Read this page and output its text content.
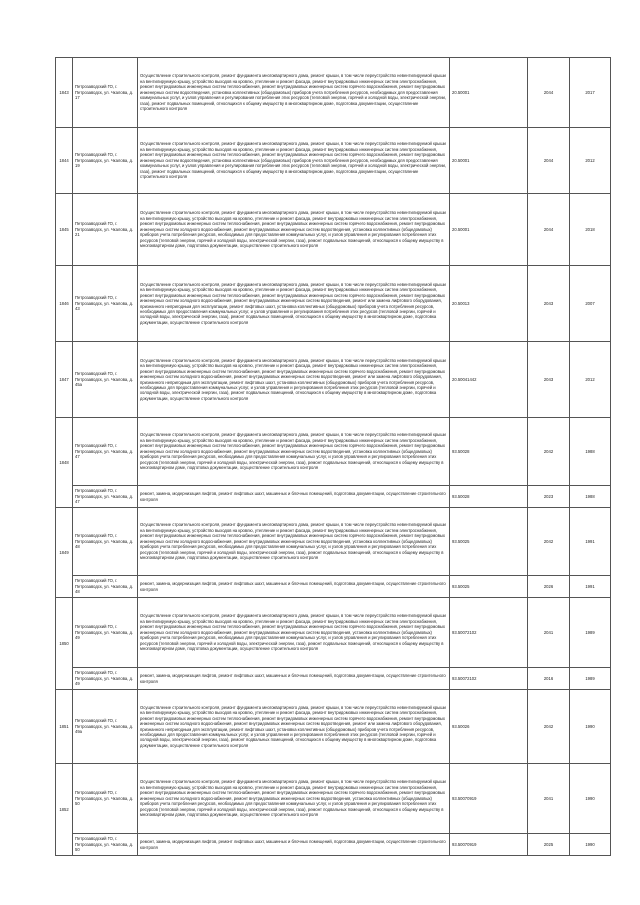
1843	Петрозаводский ГО, г. Петрозаводск, ул. Чкалова, д. 17	Осуществление строительного контроля, ремонт фундамента многоквартирного дома, ремонт крыши, в том числе переустройство невентилируемой крыши на вентилируемую крышу, устройство выходов на кровлю, утепление и ремонт фасада, ремонт внутридомовых инженерных систем электроснабжения, ремонт внутридомовых инженерных систем теплоснабжения, ремонт внутридомовых инженерных систем горячего водоснабжения, ремонт внутридомовых инженерных систем водоотведения, установка коллективных (общедомовых) приборов учета потребления ресурсов, необходимых для предоставления коммунальных услуг, и узлов управления и регулирования потребления этих ресурсов (тепловой энергии, горячей и холодной воды, электрической энергии, газа), ремонт подвальных помещений, относящихся к общему имуществу в многоквартирном доме, подготовка документации, осуществление строительного контроля	20.50001	2044	2017
1844	Петрозаводский ГО, г. Петрозаводск, ул. Чкалова, д. 19	Осуществление строительного контроля, ремонт фундамента многоквартирного дома, ремонт крыши, в том числе переустройство невентилируемой крыши на вентилируемую крышу, устройство выходов на кровлю, утепление и ремонт фасада, ремонт внутридомовых инженерных систем электроснабжения, ремонт внутридомовых инженерных систем теплоснабжения, ремонт внутридомовых инженерных систем горячего водоснабжения, ремонт внутридомовых инженерных систем водоотведения, установка коллективных (общедомовых) приборов учета потребления ресурсов, необходимых для предоставления коммунальных услуг, и узлов управления и регулирования потребления этих ресурсов (тепловой энергии, горячей и холодной воды, электрической энергии, газа), ремонт подвальных помещений, относящихся к общему имуществу в многоквартирном доме, подготовка документации, осуществление строительного контроля	20.50001	2044	2012
1845	Петрозаводский ГО, г. Петрозаводск, ул. Чкалова, д. 21	Осуществление строительного контроля, ремонт фундамента многоквартирного дома, ремонт крыши, в том числе переустройство невентилируемой крыши на вентилируемую крышу, устройство выходов на кровлю, утепление и ремонт фасада, ремонт внутридомовых инженерных систем электроснабжения, ремонт внутридомовых инженерных систем теплоснабжения, ремонт внутридомовых инженерных систем горячего водоснабжения, ремонт внутридомовых инженерных систем холодного водоснабжения, ремонт внутридомовых инженерных систем водоотведения, установка коллективных (общедомовых) приборов учета потребления ресурсов, необходимых для предоставления коммунальных услуг, и узлов управления и регулирования потребления этих ресурсов (тепловой энергии, горячей и холодной воды, электрической энергии, газа), ремонт подвальных помещений, относящихся к общему имуществу в многоквартирном доме, подготовка документации, осуществление строительного контроля	20.50001	2044	2018
1846	Петрозаводский ГО, г. Петрозаводск, ул. Чкалова, д. 43	Осуществление строительного контроля, ремонт фундамента многоквартирного дома, ремонт крыши, в том числе переустройство невентилируемой крыши на вентилируемую крышу, устройство выходов на кровлю, утепление и ремонт фасада, ремонт внутридомовых инженерных систем электроснабжения, ремонт внутридомовых инженерных систем теплоснабжения, ремонт внутридомовых инженерных систем горячего водоснабжения, ремонт внутридомовых инженерных систем холодного водоснабжения, ремонт внутридомовых инженерных систем водоотведения, ремонт или замена лифтового оборудования, признанного непригодным для эксплуатации, ремонт лифтовых шахт, установка коллективных (общедомовых) приборов учета потребления ресурсов, необходимых для предоставления коммунальных услуг, и узлов управления и регулирования потребления этих ресурсов (тепловой энергии, горячей и холодной воды, электрической энергии, газа), ремонт подвальных помещений, относящихся к общему имуществу в многоквартирном доме, подготовка документации, осуществление строительного контроля	20.50013	2043	2007
1847	Петрозаводский ГО, г. Петрозаводск, ул. Чкалова, д. 45а	Осуществление строительного контроля, ремонт фундамента многоквартирного дома, ремонт крыши, в том числе переустройство невентилируемой крыши на вентилируемую крышу, устройство выходов на кровлю, утепление и ремонт фасада, ремонт внутридомовых инженерных систем электроснабжения, ремонт внутридомовых инженерных систем теплоснабжения, ремонт внутридомовых инженерных систем горячего водоснабжения, ремонт внутридомовых инженерных систем холодного водоснабжения, ремонт внутридомовых инженерных систем водоотведения, ремонт или замена лифтового оборудования, признанного непригодным для эксплуатации, ремонт лифтовых шахт, установка коллективных (общедомовых) приборов учета потребления ресурсов, необходимых для предоставления коммунальных услуг, и узлов управления и регулирования потребления этих ресурсов (тепловой энергии, горячей и холодной воды, электрической энергии, газа), ремонт подвальных помещений, относящихся к общему имуществу в многоквартирном доме, подготовка документации, осуществление строительного контроля	20.50041442	2043	2012
1848	Петрозаводский ГО, г. Петрозаводск, ул. Чкалова, д. 47	Осуществление строительного контроля, ремонт фундамента многоквартирного дома, ремонт крыши, в том числе переустройство невентилируемой крыши на вентилируемую крышу, устройство выходов на кровлю, утепление и ремонт фасада, ремонт внутридомовых инженерных систем электроснабжения, ремонт внутридомовых инженерных систем теплоснабжения, ремонт внутридомовых инженерных систем горячего водоснабжения, ремонт внутридомовых инженерных систем холодного водоснабжения, ремонт внутридомовых инженерных систем водоотведения, установка коллективных (общедомовых) приборов учета потребления ресурсов, необходимых для предоставления коммунальных услуг, и узлов управления и регулирования потребления этих ресурсов (тепловой энергии, горячей и холодной воды, электрической энергии, газа), ремонт подвальных помещений, относящихся к общему имуществу в многоквартирном доме, подготовка документации, осуществление строительного контроля	93.50028	2042	1988
	Петрозаводский ГО, г. Петрозаводск, ул. Чкалова, д. 47	ремонт, замена, модернизация лифтов, ремонт лифтовых шахт, машинных и блочных помещений, подготовка документации, осуществление строительного контроля	93.50028	2023	1988
1849	Петрозаводский ГО, г. Петрозаводск, ул. Чкалова, д. 48	Осуществление строительного контроля, ремонт фундамента многоквартирного дома, ремонт крыши, в том числе переустройство невентилируемой крыши на вентилируемую крышу, устройство выходов на кровлю, утепление и ремонт фасада, ремонт внутридомовых инженерных систем электроснабжения, ремонт внутридомовых инженерных систем теплоснабжения, ремонт внутридомовых инженерных систем горячего водоснабжения, ремонт внутридомовых инженерных систем холодного водоснабжения, ремонт внутридомовых инженерных систем водоотведения, установка коллективных (общедомовых) приборов учета потребления ресурсов, необходимых для предоставления коммунальных услуг, и узлов управления и регулирования потребления этих ресурсов (тепловой энергии, горячей и холодной воды, электрической энергии, газа), ремонт подвальных помещений, относящихся к общему имуществу в многоквартирном доме, подготовка документации, осуществление строительного контроля	93.50025	2042	1991
	Петрозаводский ГО, г. Петрозаводск, ул. Чкалова, д. 48	ремонт, замена, модернизация лифтов, ремонт лифтовых шахт, машинных и блочных помещений, подготовка документации, осуществление строительного контроля	93.50025	2026	1991
1850	Петрозаводский ГО, г. Петрозаводск, ул. Чкалова, д. 49	Осуществление строительного контроля, ремонт фундамента многоквартирного дома, ремонт крыши, в том числе переустройство невентилируемой крыши на вентилируемую крышу, устройство выходов на кровлю, утепление и ремонт фасада, ремонт внутридомовых инженерных систем электроснабжения, ремонт внутридомовых инженерных систем теплоснабжения, ремонт внутридомовых инженерных систем горячего водоснабжения, ремонт внутридомовых инженерных систем холодного водоснабжения, ремонт внутридомовых инженерных систем водоотведения, установка коллективных (общедомовых) приборов учета потребления ресурсов, необходимых для предоставления коммунальных услуг, и узлов управления и регулирования потребления этих ресурсов (тепловой энергии, горячей и холодной воды, электрической энергии, газа), ремонт подвальных помещений, относящихся к общему имуществу в многоквартирном доме, подготовка документации, осуществление строительного контроля	93.50072102	2041	1989
	Петрозаводский ГО, г. Петрозаводск, ул. Чкалова, д. 49	ремонт, замена, модернизация лифтов, ремонт лифтовых шахт, машинных и блочных помещений, подготовка документации, осуществление строительного контроля	93.50072102	2016	1989
1851	Петрозаводский ГО, г. Петрозаводск, ул. Чкалова, д. 49а	Осуществление строительного контроля, ремонт фундамента многоквартирного дома, ремонт крыши, в том числе переустройство невентилируемой крыши на вентилируемую крышу, устройство выходов на кровлю, утепление и ремонт фасада, ремонт внутридомовых инженерных систем электроснабжения, ремонт внутридомовых инженерных систем теплоснабжения, ремонт внутридомовых инженерных систем горячего водоснабжения, ремонт внутридомовых инженерных систем холодного водоснабжения, ремонт внутридомовых инженерных систем водоотведения, ремонт или замена лифтового оборудования, признанного непригодным для эксплуатации, ремонт лифтовых шахт, установка коллективных (общедомовых) приборов учета потребления ресурсов, необходимых для предоставления коммунальных услуг, и узлов управления и регулирования потребления этих ресурсов (тепловой энергии, горячей и холодной воды, электрической энергии, газа), ремонт подвальных помещений, относящихся к общему имуществу в многоквартирном доме, подготовка документации, осуществление строительного контроля	93.50026	2042	1990
1852	Петрозаводский ГО, г. Петрозаводск, ул. Чкалова, д. 50	Осуществление строительного контроля, ремонт фундамента многоквартирного дома, ремонт крыши, в том числе переустройство невентилируемой крыши на вентилируемую крышу, устройство выходов на кровлю, утепление и ремонт фасада, ремонт внутридомовых инженерных систем электроснабжения, ремонт внутридомовых инженерных систем теплоснабжения, ремонт внутридомовых инженерных систем горячего водоснабжения, ремонт внутридомовых инженерных систем холодного водоснабжения, ремонт внутридомовых инженерных систем водоотведения, установка коллективных (общедомовых) приборов учета потребления ресурсов, необходимых для предоставления коммунальных услуг, и узлов управления и регулирования потребления этих ресурсов (тепловой энергии, горячей и холодной воды, электрической энергии, газа), ремонт подвальных помещений, относящихся к общему имуществу в многоквартирном доме, подготовка документации, осуществление строительного контроля	93.50070919	2041	1990
	Петрозаводский ГО, г. Петрозаводск, ул. Чкалова, д. 50	ремонт, замена, модернизация лифтов, ремонт лифтовых шахт, машинных и блочных помещений, подготовка документации, осуществление строительного контроля	93.50070919	2025	1990
